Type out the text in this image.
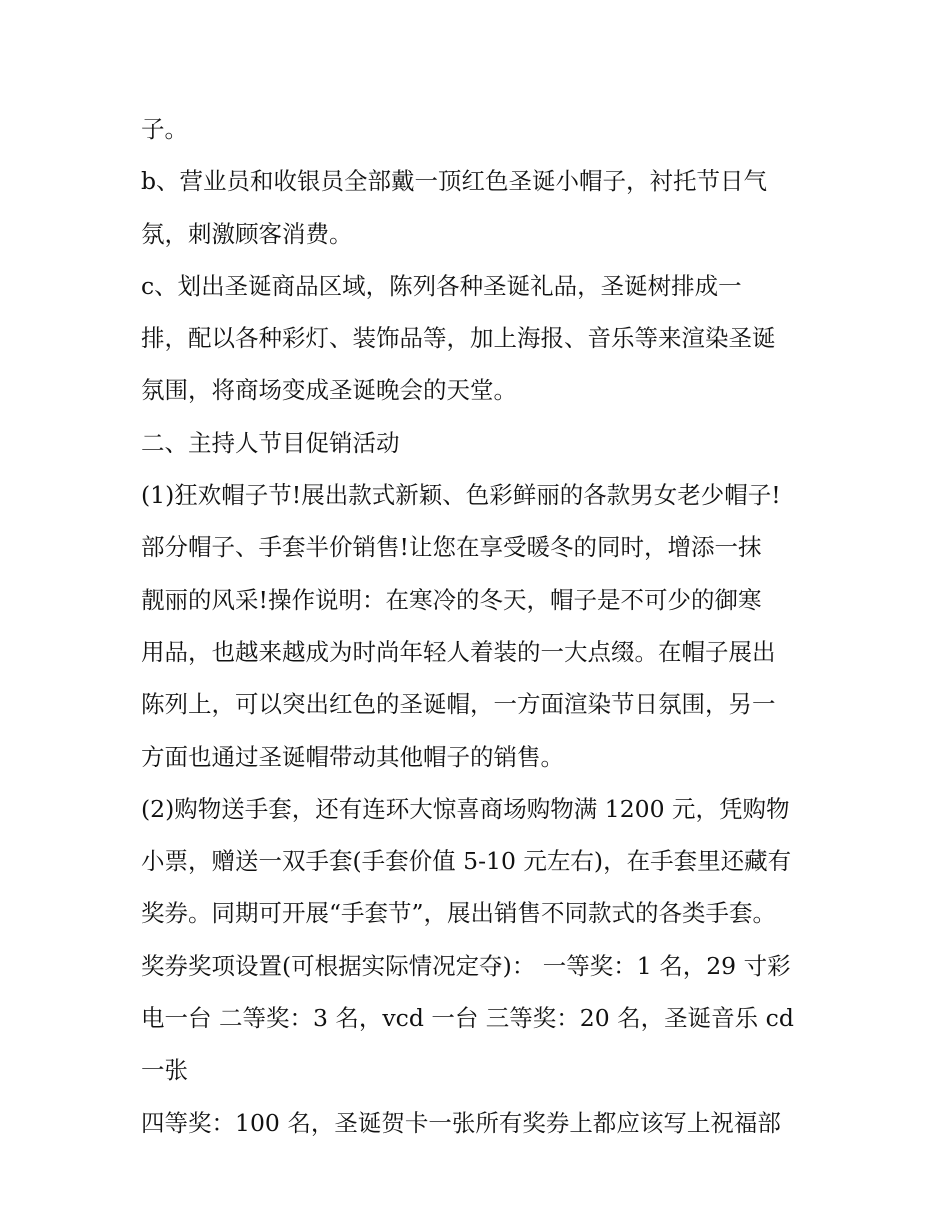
子。
b、营业员和收银员全部戴一顶红色圣诞小帽子，衬托节日气
氛，刺激顾客消费。
c、划出圣诞商品区域，陈列各种圣诞礼品，圣诞树排成一
排，配以各种彩灯、装饰品等，加上海报、音乐等来渲染圣诞
氛围，将商场变成圣诞晚会的天堂。
二、主持人节目促销活动
(1)狂欢帽子节!展出款式新颖、色彩鲜丽的各款男女老少帽子!
部分帽子、手套半价销售!让您在享受暖冬的同时，增添一抹
靓丽的风采!操作说明：在寒冷的冬天，帽子是不可少的御寒
用品，也越来越成为时尚年轻人着装的一大点缀。在帽子展出
陈列上，可以突出红色的圣诞帽，一方面渲染节日氛围，另一
方面也通过圣诞帽带动其他帽子的销售。
(2)购物送手套，还有连环大惊喜商场购物满 1200 元，凭购物
小票，赠送一双手套(手套价值 5-10 元左右)，在手套里还藏有
奖券。同期可开展“手套节”，展出销售不同款式的各类手套。
奖券奖项设置(可根据实际情况定夺)： 一等奖：1 名，29 寸彩
电一台 二等奖：3 名，vcd 一台 三等奖：20 名，圣诞音乐 cd
一张
四等奖：100 名，圣诞贺卡一张所有奖券上都应该写上祝福部
